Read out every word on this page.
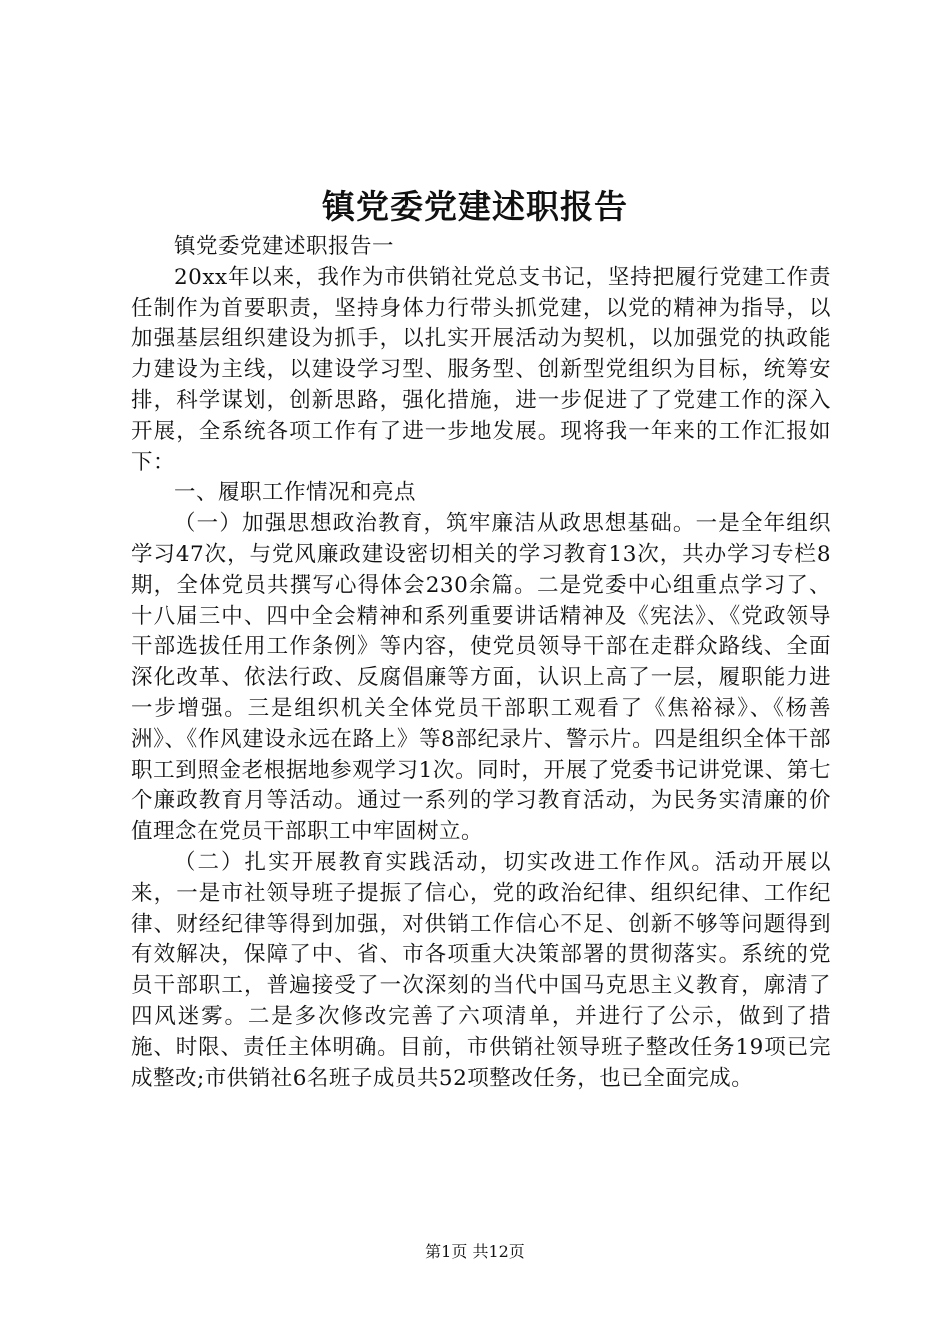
镇党委党建述职报告

镇党委党建述职报告一

20xx年以来，我作为市供销社党总支书记，坚持把履行党建工作责任制作为首要职责，坚持身体力行带头抓党建，以党的精神为指导，以加强基层组织建设为抓手，以扎实开展活动为契机，以加强党的执政能力建设为主线，以建设学习型、服务型、创新型党组织为目标，统筹安排，科学谋划，创新思路，强化措施，进一步促进了了党建工作的深入开展，全系统各项工作有了进一步地发展。现将我一年来的工作汇报如下：

一、履职工作情况和亮点

（一）加强思想政治教育，筑牢廉洁从政思想基础。一是全年组织学习47次，与党风廉政建设密切相关的学习教育13次，共办学习专栏8期，全体党员共撰写心得体会230余篇。二是党委中心组重点学习了、十八届三中、四中全会精神和系列重要讲话精神及《宪法》、《党政领导干部选拔任用工作条例》等内容，使党员领导干部在走群众路线、全面深化改革、依法行政、反腐倡廉等方面，认识上高了一层，履职能力进一步增强。三是组织机关全体党员干部职工观看了《焦裕禄》、《杨善洲》、《作风建设永远在路上》等8部纪录片、警示片。四是组织全体干部职工到照金老根据地参观学习1次。同时，开展了党委书记讲党课、第七个廉政教育月等活动。通过一系列的学习教育活动，为民务实清廉的价值理念在党员干部职工中牢固树立。

（二）扎实开展教育实践活动，切实改进工作作风。活动开展以来，一是市社领导班子提振了信心，党的政治纪律、组织纪律、工作纪律、财经纪律等得到加强，对供销工作信心不足、创新不够等问题得到有效解决，保障了中、省、市各项重大决策部署的贯彻落实。系统的党员干部职工，普遍接受了一次深刻的当代中国马克思主义教育，廓清了四风迷雾。二是多次修改完善了六项清单，并进行了公示，做到了措施、时限、责任主体明确。目前，市供销社领导班子整改任务19项已完成整改;市供销社6名班子成员共52项整改任务，也已全面完成。

第1页 共12页
